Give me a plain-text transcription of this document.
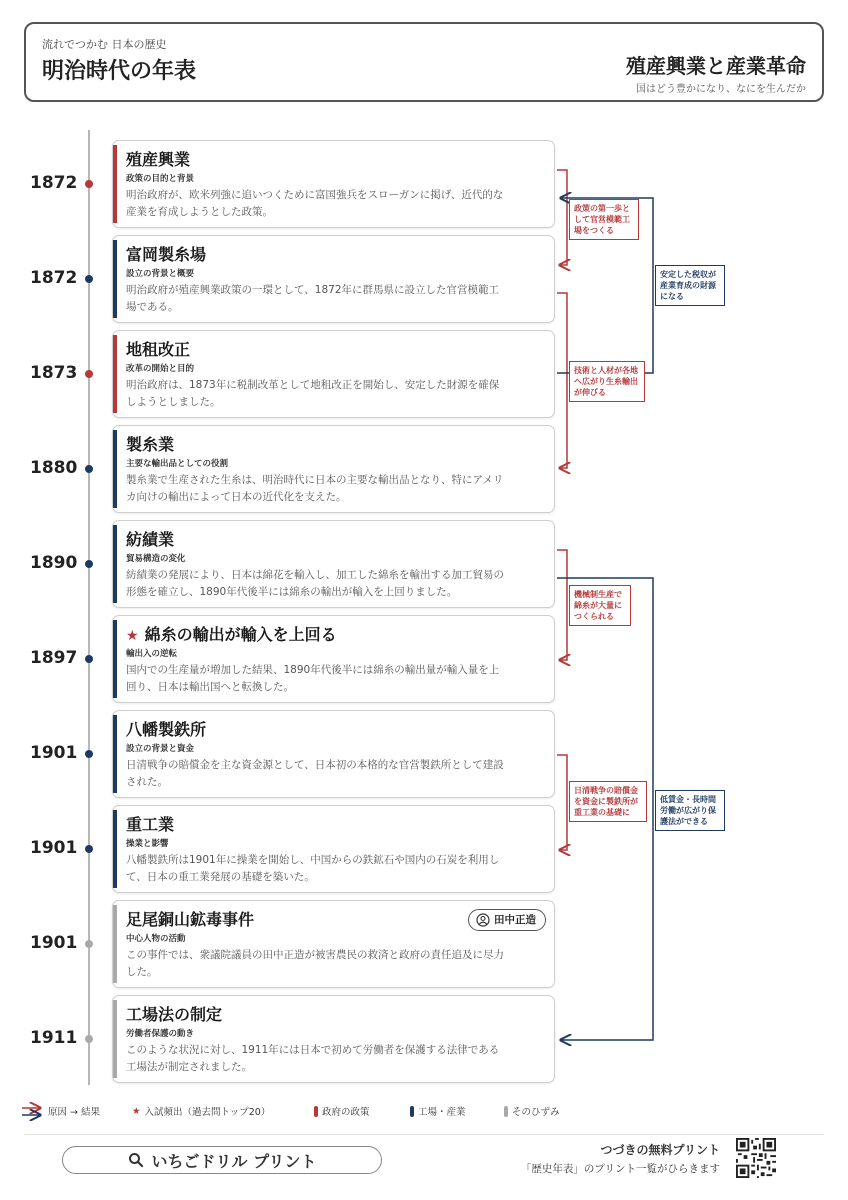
流れでつかむ 日本の歴史
明治時代の年表	殖産興業と産業革命
国はどう豊かになり、なにを生んだか
1872
殖産興業
政策の目的と背景
明治政府が、欧米列強に追いつくために富国強兵をスローガンに掲げ、近代的な産業を育成しようとした政策。
1872
富岡製糸場
設立の背景と概要
明治政府が殖産興業政策の一環として、1872年に群馬県に設立した官営模範工場である。
1873
地租改正
改革の開始と目的
明治政府は、1873年に税制改革として地租改正を開始し、安定した財源を確保しようとしました。
1880
製糸業
主要な輸出品としての役割
製糸業で生産された生糸は、明治時代に日本の主要な輸出品となり、特にアメリカ向けの輸出によって日本の近代化を支えた。
1890
紡績業
貿易構造の変化
紡績業の発展により、日本は綿花を輸入し、加工した綿糸を輸出する加工貿易の形態を確立し、1890年代後半には綿糸の輸出が輸入を上回りました。
1897
★ 綿糸の輸出が輸入を上回る
輸出入の逆転
国内での生産量が増加した結果、1890年代後半には綿糸の輸出量が輸入量を上回り、日本は輸出国へと転換した。
1901
八幡製鉄所
設立の背景と資金
日清戦争の賠償金を主な資金源として、日本初の本格的な官営製鉄所として建設された。
1901
重工業
操業と影響
八幡製鉄所は1901年に操業を開始し、中国からの鉄鉱石や国内の石炭を利用して、日本の重工業発展の基礎を築いた。
1901
足尾銅山鉱毒事件	田中正造
中心人物の活動
この事件では、衆議院議員の田中正造が被害農民の救済と政府の責任追及に尽力した。
1911
工場法の制定
労働者保護の動き
このような状況に対し、1911年には日本で初めて労働者を保護する法律である工場法が制定されました。
政策の第一歩として官営模範工場をつくる
技術と人材が各地へ広がり生糸輸出が伸びる
機械制生産で綿糸が大量につくられる
日清戦争の賠償金を資金に製鉄所が重工業の基礎に
安定した税収が産業育成の財源になる
低賃金・長時間労働が広がり保護法ができる
原因 → 結果	★ 入試頻出（過去問トップ20）	政府の政策	工場・産業	そのひずみ
いちごドリル プリント
つづきの無料プリント
「歴史年表」のプリント一覧がひらきます
